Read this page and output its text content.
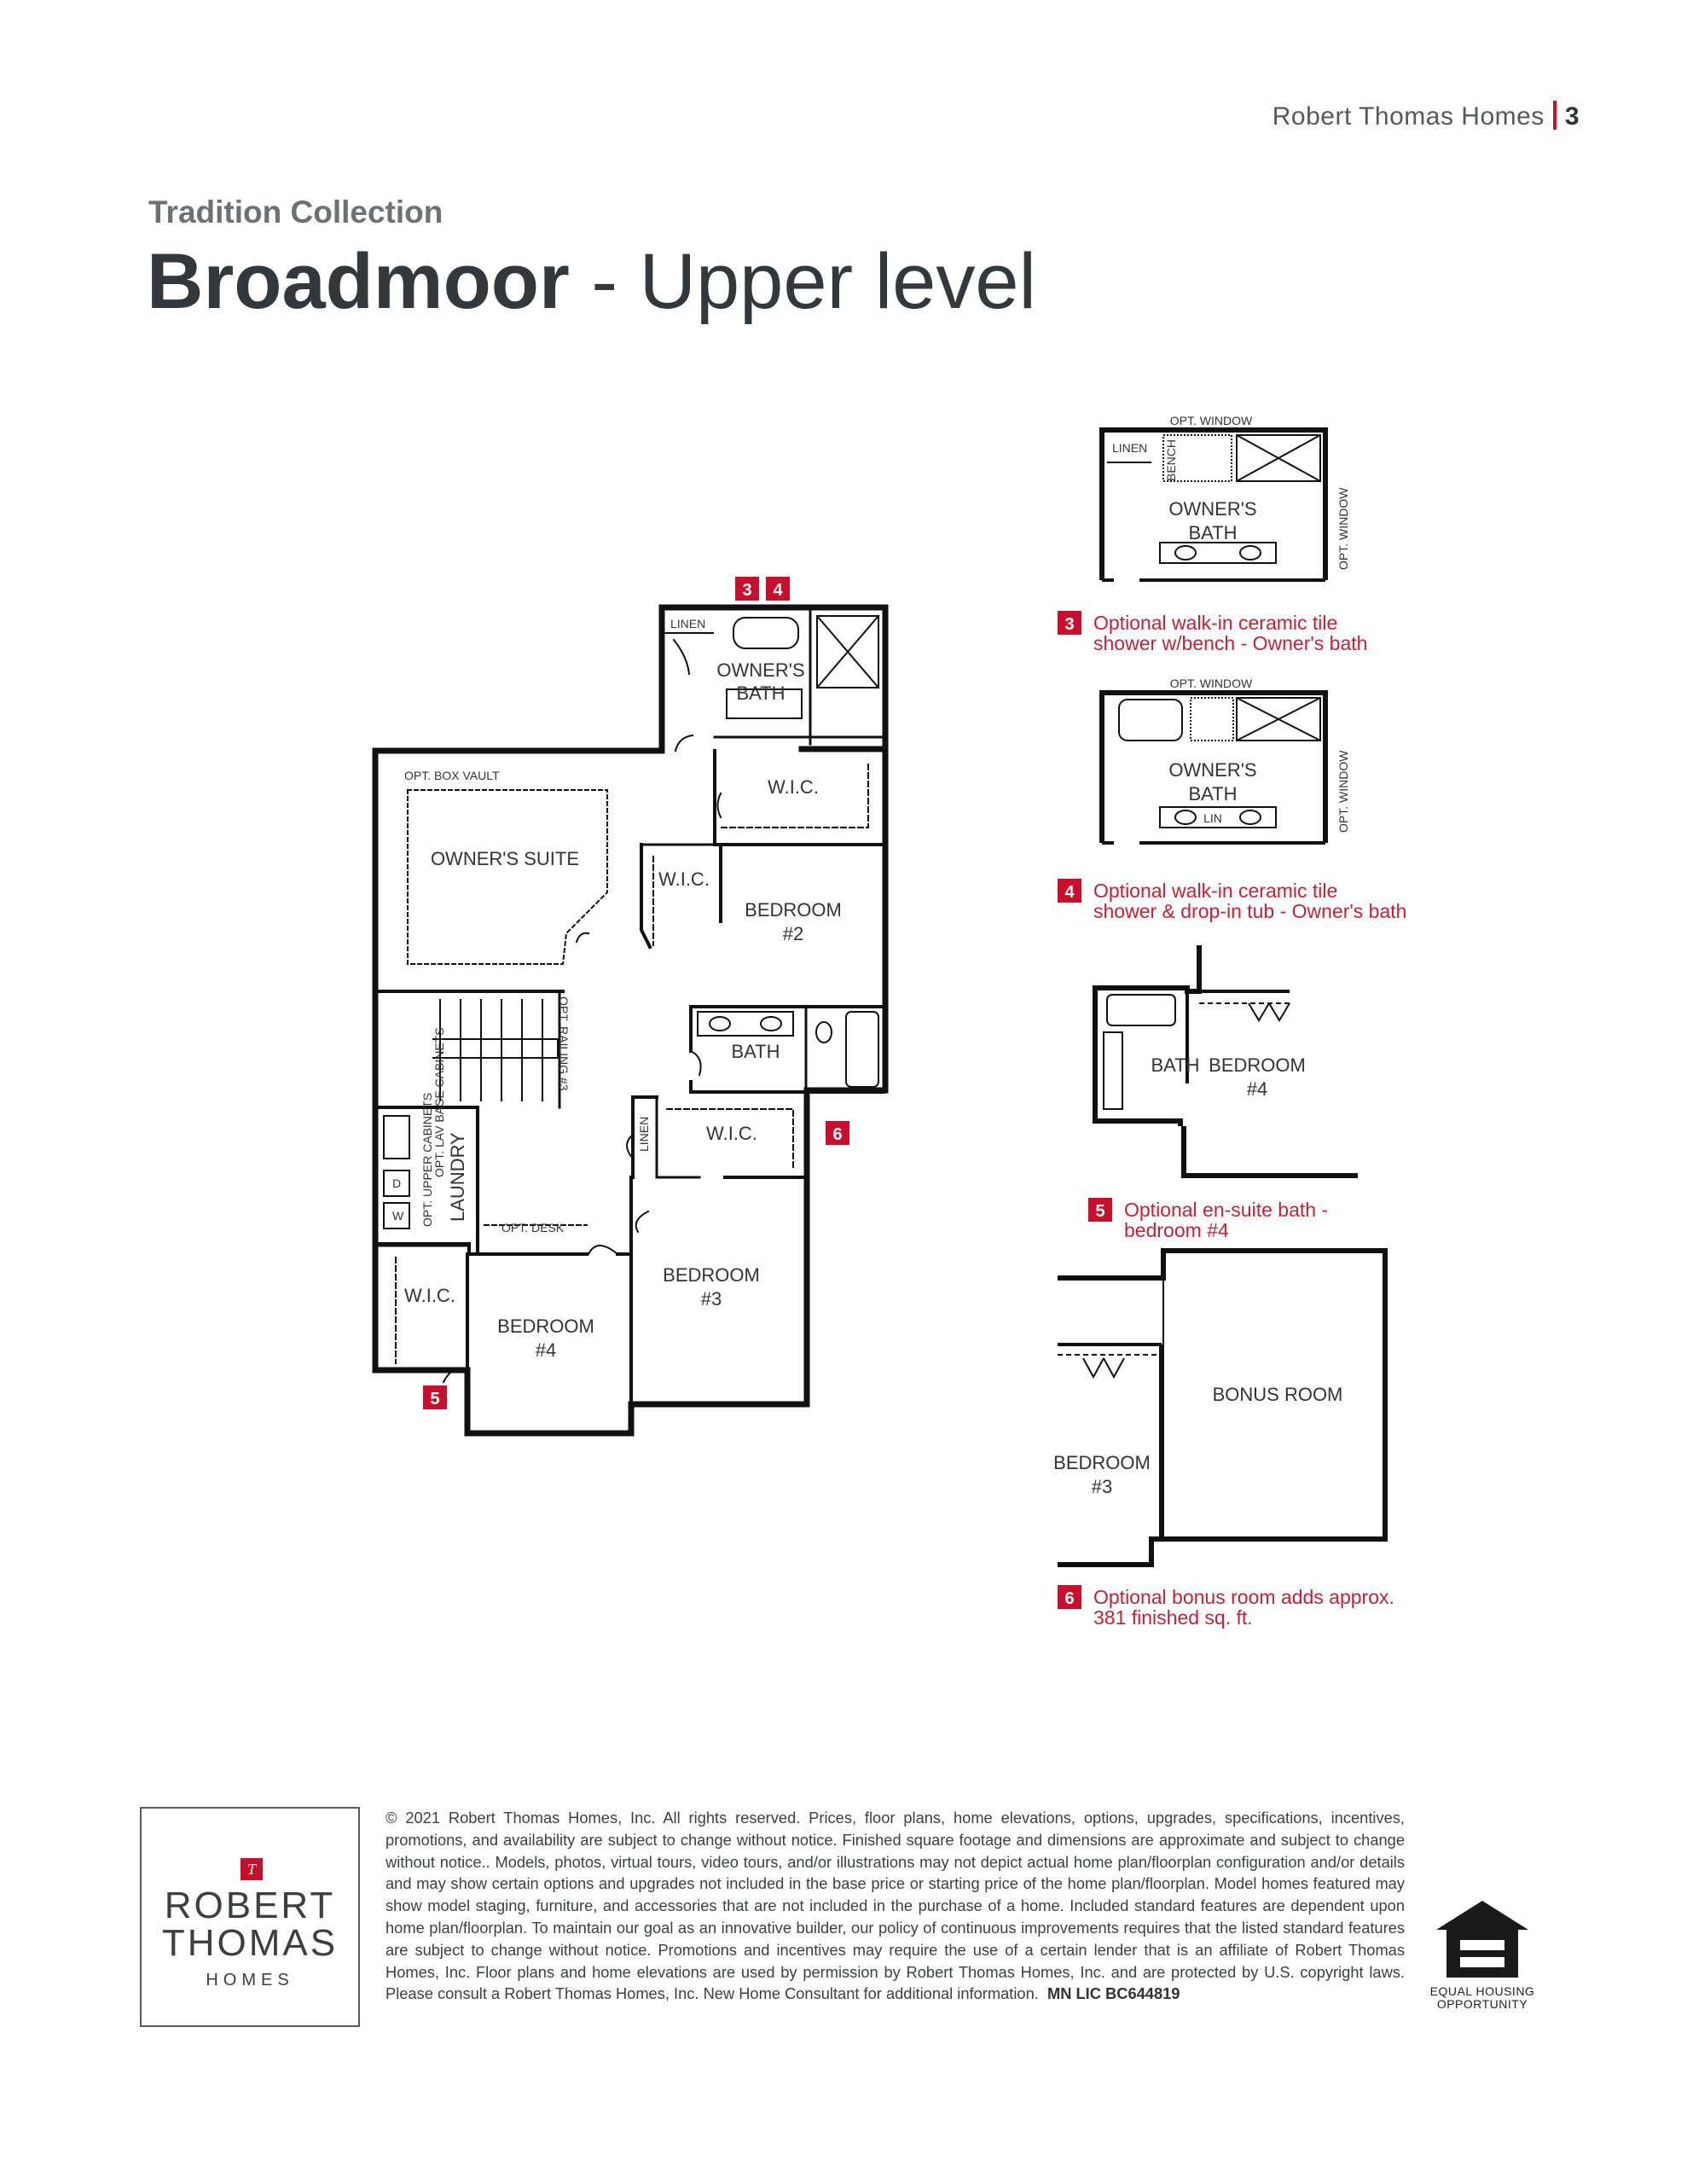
Robert Thomas Homes 3
Tradition Collection
Broadmoor - Upper level
OWNER'S
BATH
LINEN
OPT. BOX VAULT
OWNER'S SUITE
W.I.C.
W.I.C.
BEDROOM
#2
BATH
W.I.C.
BEDROOM
#3
W.I.C.
BEDROOM
#4
OPT. DESK
LAUNDRY
OPT. RAILING #3
LINEN
OPT. UPPER CABINETS
OPT. LAV BASE CABINETS
D
W
3 4
6
5
OPT. WINDOW
OPT. WINDOW
LINEN BENCH
OWNER'S
BATH
OPT. WINDOW
OPT. WINDOW
OWNER'S
BATH
LIN
BATH BEDROOM
#4
BONUS ROOM
BEDROOM
#3
3 Optional walk-in ceramic tile
shower w/bench - Owner's bath
4 Optional walk-in ceramic tile
shower & drop-in tub - Owner's bath
5 Optional en-suite bath -
bedroom #4
6 Optional bonus room adds approx.
381 finished sq. ft.
T
ROBERT
THOMAS
HOMES
© 2021 Robert Thomas Homes, Inc. All rights reserved. Prices, floor plans, home elevations, options, upgrades, specifications, incentives, promotions, and availability are subject to change without notice. Finished square footage and dimensions are approximate and subject to change without notice.. Models, photos, virtual tours, video tours, and/or illustrations may not depict actual home plan/floorplan configuration and/or details and may show certain options and upgrades not included in the base price or starting price of the home plan/floorplan. Model homes featured may show model staging, furniture, and accessories that are not included in the purchase of a home. Included standard features are dependent upon home plan/floorplan. To maintain our goal as an innovative builder, our policy of continuous improvements requires that the listed standard features are subject to change without notice. Promotions and incentives may require the use of a certain lender that is an affiliate of Robert Thomas Homes, Inc. Floor plans and home elevations are used by permission by Robert Thomas Homes, Inc. and are protected by U.S. copyright laws. Please consult a Robert Thomas Homes, Inc. New Home Consultant for additional information. MN LIC BC644819	EQUAL HOUSING
OPPORTUNITY
